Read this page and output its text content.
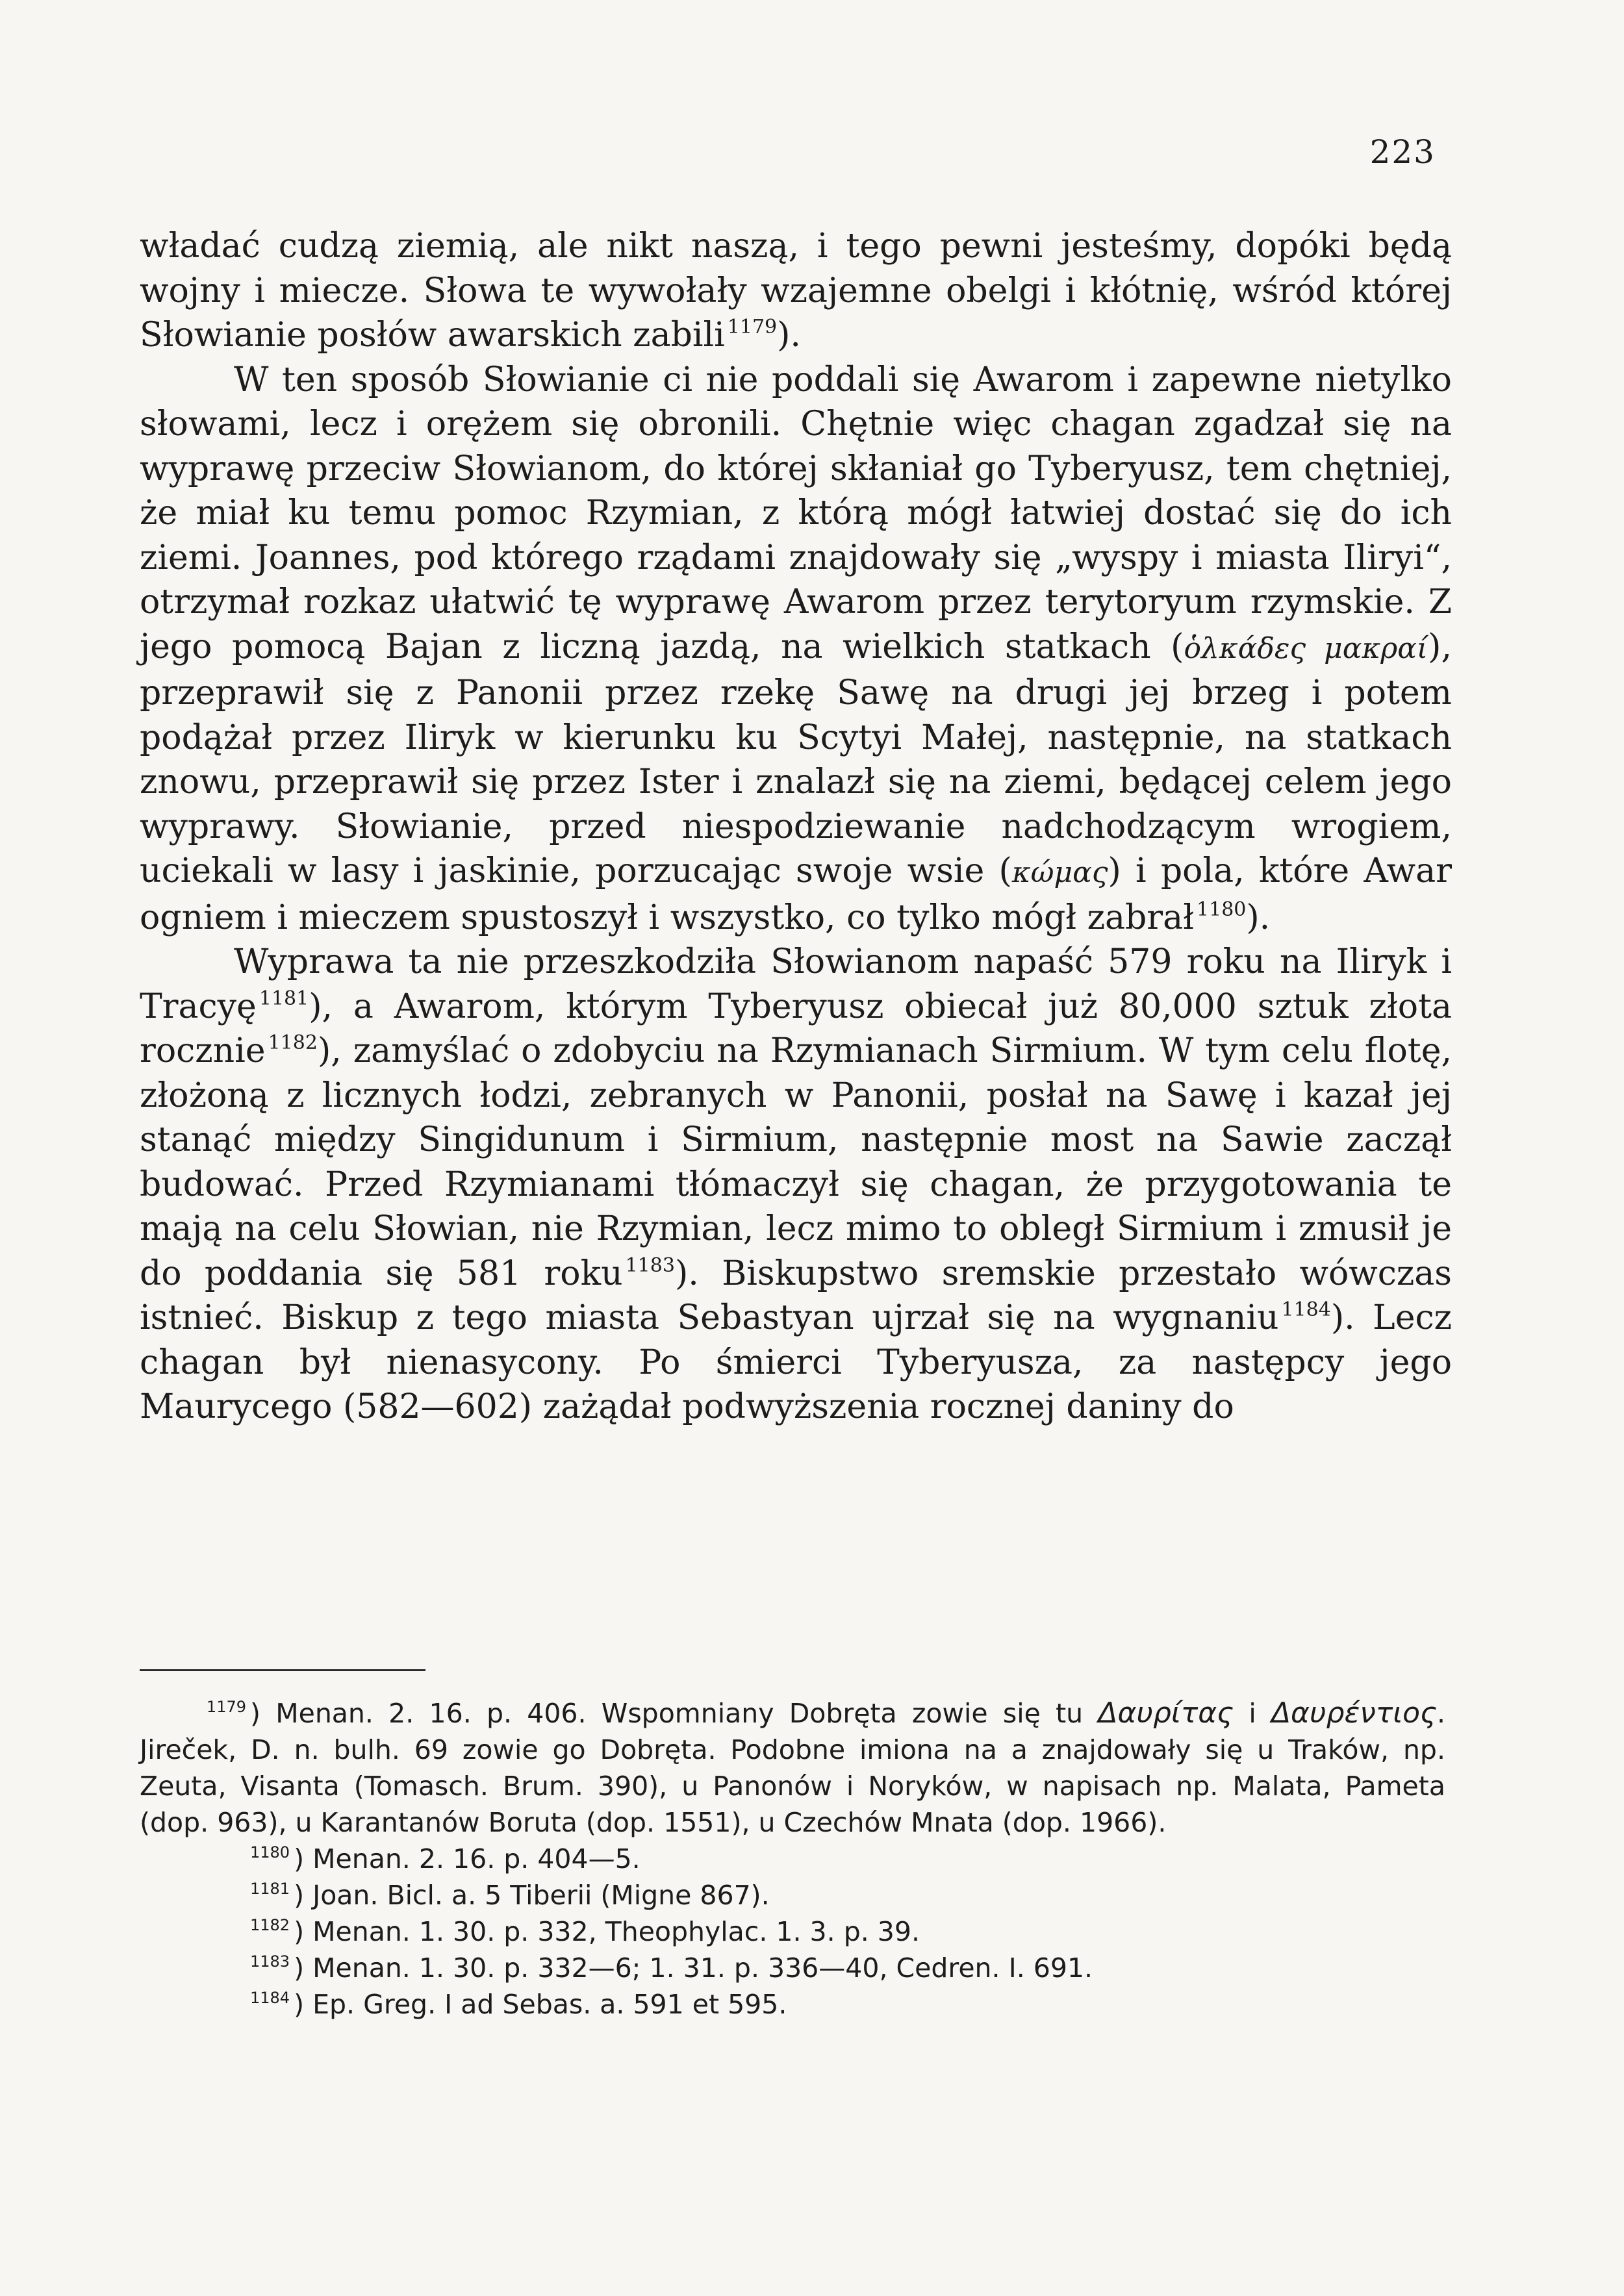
223

władać cudzą ziemią, ale nikt naszą, i tego pewni jesteśmy, dopóki będą wojny i miecze. Słowa te wywołały wzajemne obelgi i kłótnię, wśród której Słowianie posłów awarskich zabili $^{1179}$).

W ten sposób Słowianie ci nie poddali się Awarom i zapewne nietylko słowami, lecz i orężem się obronili. Chętnie więc chagan zgadzał się na wyprawę przeciw Słowianom, do której skłaniał go Tyberyusz, tem chętniej, że miał ku temu pomoc Rzymian, z którą mógł łatwiej dostać się do ich ziemi. Joannes, pod którego rządami znajdowały się „wyspy i miasta Iliryi“, otrzymał rozkaz ułatwić tę wyprawę Awarom przez terytoryum rzymskie. Z jego pomocą Bajan z liczną jazdą, na wielkich statkach (ὁλκάδες μακραί), przeprawił się z Panonii przez rzekę Sawę na drugi jej brzeg i potem podążał przez Iliryk w kierunku ku Scytyi Małej, następnie, na statkach znowu, przeprawił się przez Ister i znalazł się na ziemi, będącej celem jego wyprawy. Słowianie, przed niespodziewanie nadchodzącym wrogiem, uciekali w lasy i jaskinie, porzucając swoje wsie (κώμας) i pola, które Awar ogniem i mieczem spustoszył i wszystko, co tylko mógł zabrał $^{1180}$).

Wyprawa ta nie przeszkodziła Słowianom napaść 579 roku na Iliryk i Tracyę $^{1181}$), a Awarom, którym Tyberyusz obiecał już 80,000 sztuk złota rocznie $^{1182}$), zamyślać o zdobyciu na Rzymianach Sirmium. W tym celu flotę, złożoną z licznych łodzi, zebranych w Panonii, posłał na Sawę i kazał jej stanąć między Singidunum i Sirmium, następnie most na Sawie zaczął budować. Przed Rzymianami tłómaczył się chagan, że przygotowania te mają na celu Słowian, nie Rzymian, lecz mimo to obległ Sirmium i zmusił je do poddania się 581 roku $^{1183}$). Biskupstwo sremskie przestało wówczas istnieć. Biskup z tego miasta Sebastyan ujrzał się na wygnaniu $^{1184}$). Lecz chagan był nienasycony. Po śmierci Tyberyusza, za następcy jego Maurycego (582—602) zażądał podwyższenia rocznej daniny do

$^{1179}$ ) Menan. 2. 16. p. 406. Wspomniany Dobręta zowie się tu Δαυρίτας i Δαυρέντιος. Jireček, D. n. bulh. 69 zowie go Dobręta. Podobne imiona na a znajdowały się u Traków, np. Zeuta, Visanta (Tomasch. Brum. 390), u Panonów i Noryków, w napisach np. Malata, Pameta (dop. 963), u Karantanów Boruta (dop. 1551), u Czechów Mnata (dop. 1966).

$^{1180}$ ) Menan. 2. 16. p. 404—5.

$^{1181}$ ) Joan. Bicl. a. 5 Tiberii (Migne 867).

$^{1182}$ ) Menan. 1. 30. p. 332, Theophylac. 1. 3. p. 39.

$^{1183}$ ) Menan. 1. 30. p. 332—6; 1. 31. p. 336—40, Cedren. I. 691.

$^{1184}$ ) Ep. Greg. I ad Sebas. a. 591 et 595.
